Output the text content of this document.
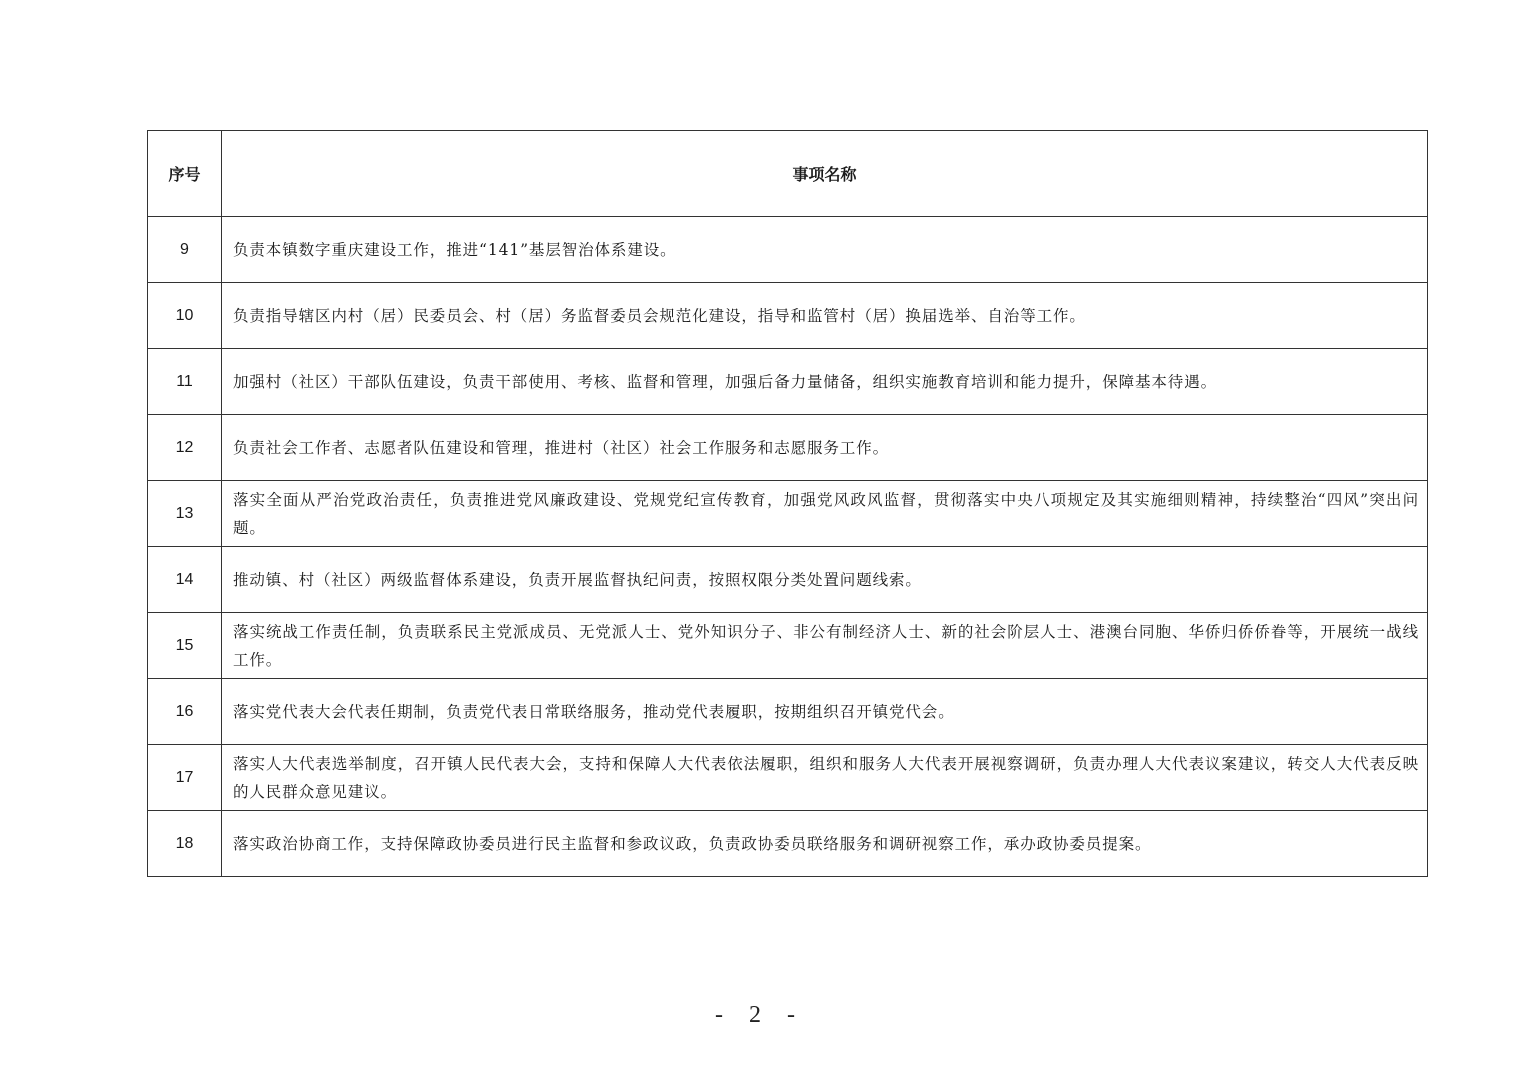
序号	事项名称
9	负责本镇数字重庆建设工作，推进“141”基层智治体系建设。
10	负责指导辖区内村（居）民委员会、村（居）务监督委员会规范化建设，指导和监管村（居）换届选举、自治等工作。
11	加强村（社区）干部队伍建设，负责干部使用、考核、监督和管理，加强后备力量储备，组织实施教育培训和能力提升，保障基本待遇。
12	负责社会工作者、志愿者队伍建设和管理，推进村（社区）社会工作服务和志愿服务工作。
13	落实全面从严治党政治责任，负责推进党风廉政建设、党规党纪宣传教育，加强党风政风监督，贯彻落实中央八项规定及其实施细则精神，持续整治“四风”突出问题。
14	推动镇、村（社区）两级监督体系建设，负责开展监督执纪问责，按照权限分类处置问题线索。
15	落实统战工作责任制，负责联系民主党派成员、无党派人士、党外知识分子、非公有制经济人士、新的社会阶层人士、港澳台同胞、华侨归侨侨眷等，开展统一战线工作。
16	落实党代表大会代表任期制，负责党代表日常联络服务，推动党代表履职，按期组织召开镇党代会。
17	落实人大代表选举制度，召开镇人民代表大会，支持和保障人大代表依法履职，组织和服务人大代表开展视察调研，负责办理人大代表议案建议，转交人大代表反映的人民群众意见建议。
18	落实政治协商工作，支持保障政协委员进行民主监督和参政议政，负责政协委员联络服务和调研视察工作，承办政协委员提案。
- 2 -
